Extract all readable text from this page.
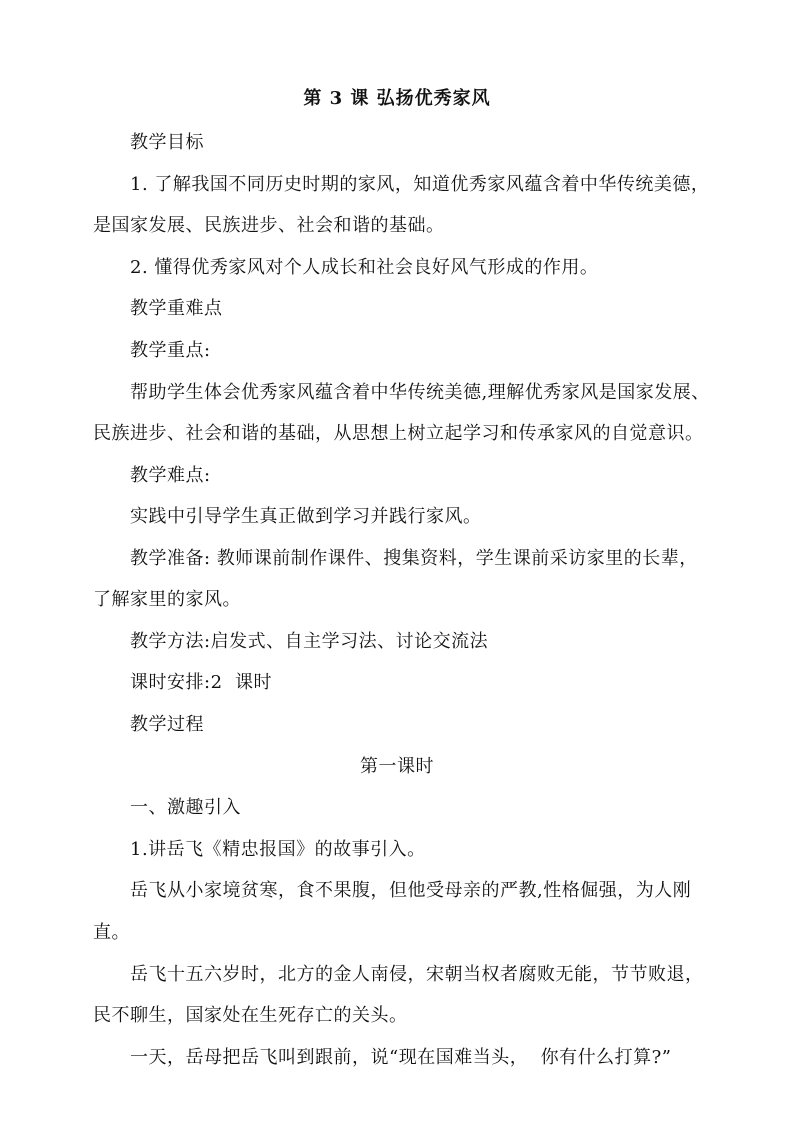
第 3 课 弘扬优秀家风
教学目标
1. 了解我国不同历史时期的家风，知道优秀家风蕴含着中华传统美德，
是国家发展、民族进步、社会和谐的基础。
2. 懂得优秀家风对个人成长和社会良好风气形成的作用。
教学重难点
教学重点:
帮助学生体会优秀家风蕴含着中华传统美德,理解优秀家风是国家发展、
民族进步、社会和谐的基础，从思想上树立起学习和传承家风的自觉意识。
教学难点:
实践中引导学生真正做到学习并践行家风。
教学准备: 教师课前制作课件、搜集资料，学生课前采访家里的长辈，
了解家里的家风。
教学方法:启发式、自主学习法、讨论交流法
课时安排:2  课时
教学过程
第一课时
一、激趣引入
1.讲岳飞《精忠报国》的故事引入。
岳飞从小家境贫寒，食不果腹，但他受母亲的严教,性格倔强，为人刚
直。
岳飞十五六岁时，北方的金人南侵，宋朝当权者腐败无能，节节败退，
民不聊生，国家处在生死存亡的关头。
一天，岳母把岳飞叫到跟前，说“现在国难当头，  你有什么打算?”
